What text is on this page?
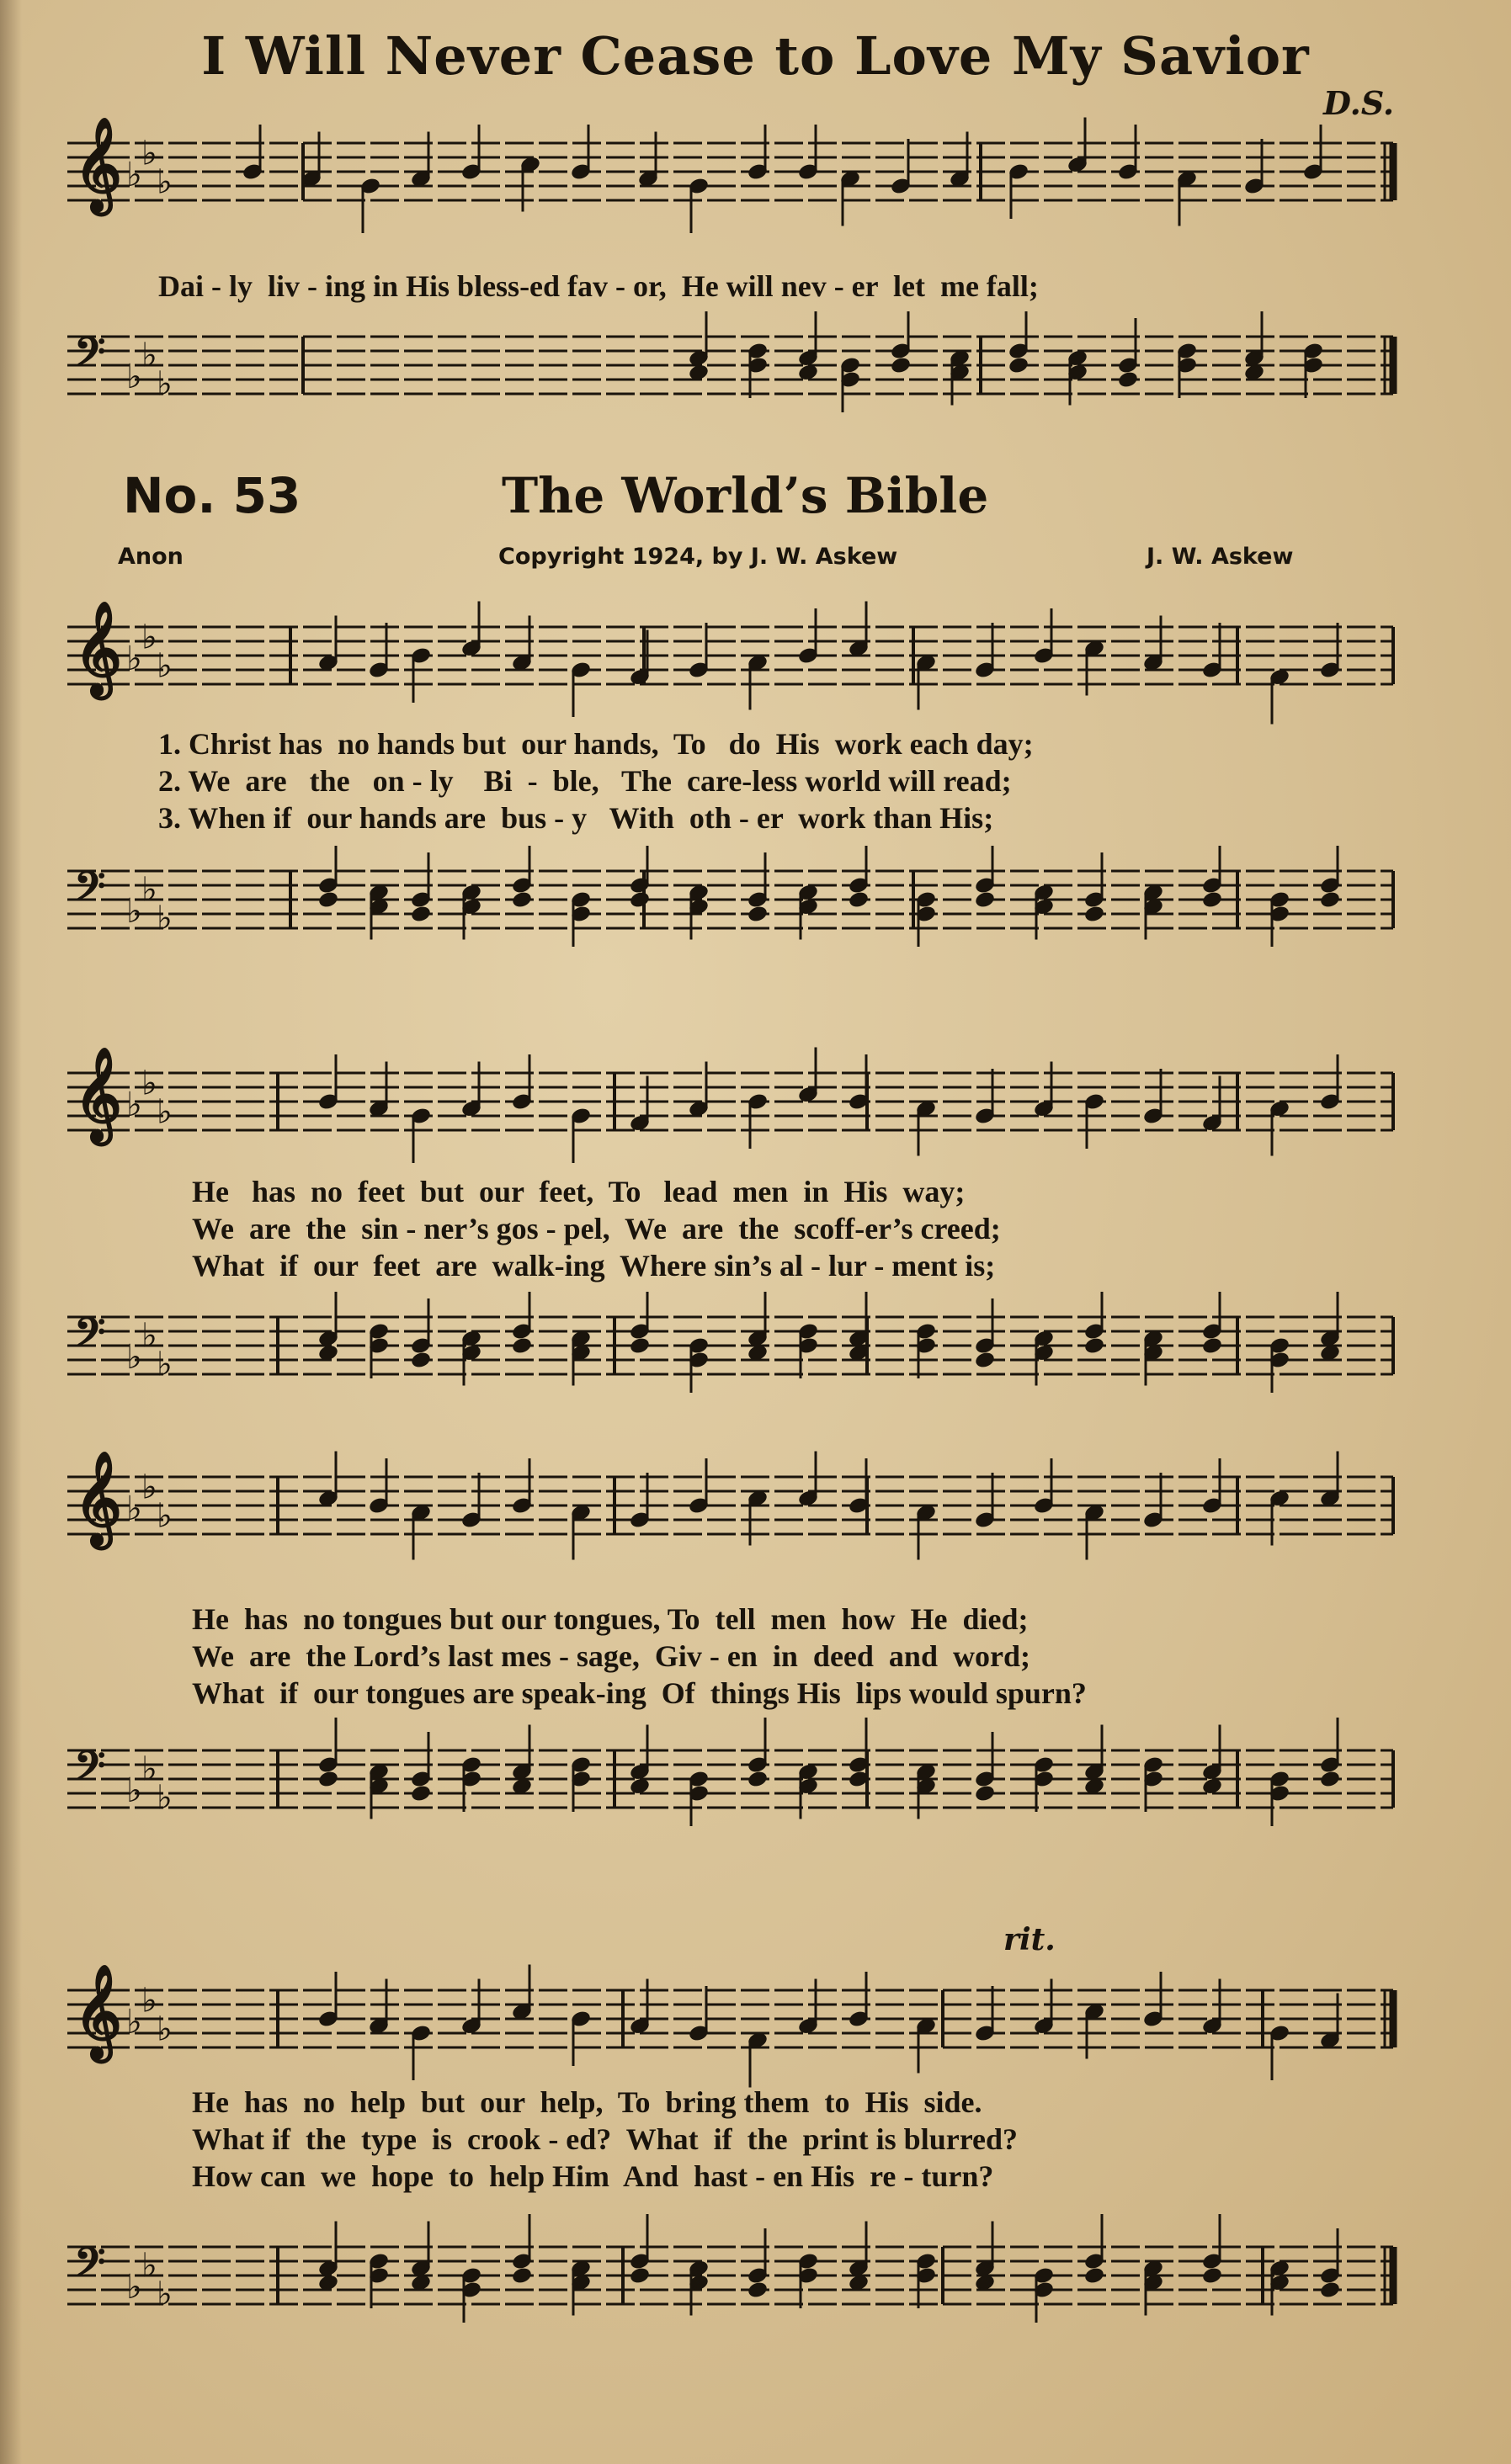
I Will Never Cease to Love My Savior
D.S.
𝄞 ♭
♭
♭
Dai - ly  liv - ing in His bless-ed fav - or,  He will nev - er  let  me fall;
𝄢 ♭
♭
♭
No. 53	The World’s Bible
Anon	Copyright 1924, by J. W. Askew	J. W. Askew
𝄞 ♭
♭
♭
1. Christ has  no hands but  our hands,  To   do  His  work each day;
2. We  are   the   on - ly    Bi  -  ble,   The  care-less world will read;
3. When if  our hands are  bus - y   With  oth - er  work than His;
𝄢 ♭
♭
♭
𝄞 ♭
♭
♭
He   has  no  feet  but  our  feet,  To   lead  men  in  His  way;
We  are  the  sin - ner’s gos - pel,  We  are  the  scoff-er’s creed;
What  if  our  feet  are  walk-ing  Where sin’s al - lur - ment is;
𝄢 ♭
♭
♭
𝄞 ♭
♭
♭
He  has  no tongues but our tongues, To  tell  men  how  He  died;
We  are  the Lord’s last mes - sage,  Giv - en  in  deed  and  word;
What  if  our tongues are speak-ing  Of  things His  lips would spurn?
𝄢 ♭
♭
♭
rit.
𝄞 ♭
♭
♭
He  has  no  help  but  our  help,  To  bring them  to  His  side.
What if  the  type  is  crook - ed?  What  if  the  print is blurred?
How can  we  hope  to  help Him  And  hast - en His  re - turn?
𝄢 ♭
♭
♭
